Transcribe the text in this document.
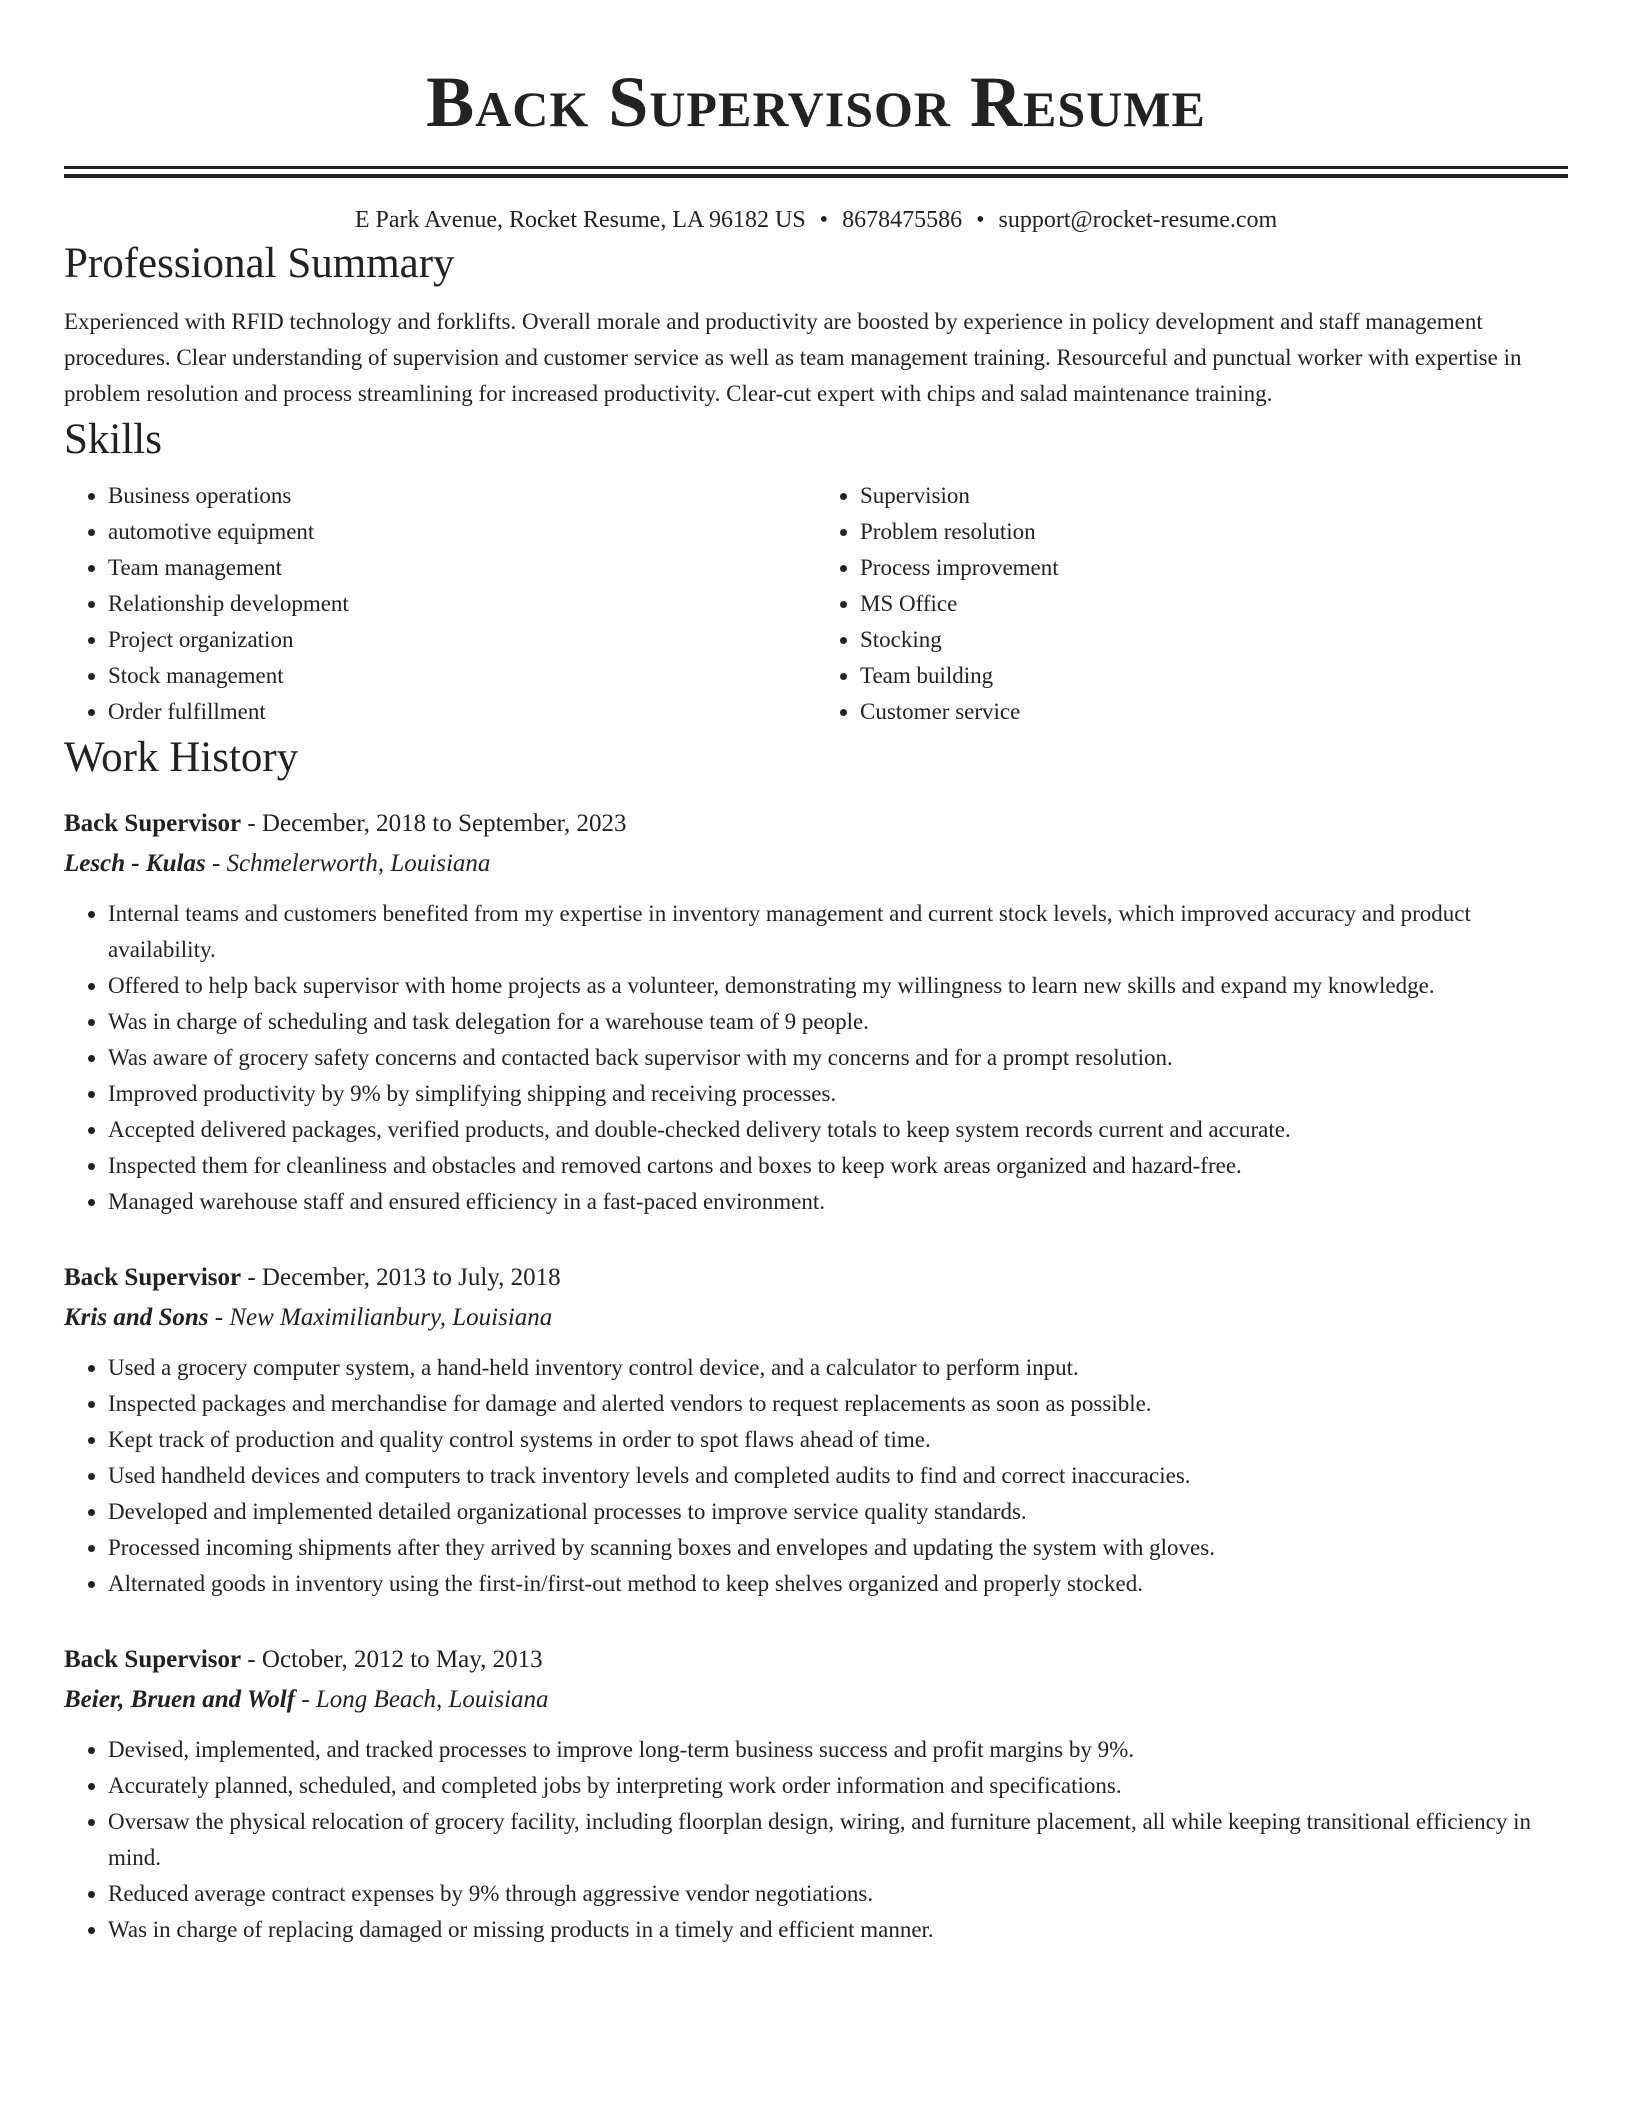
Back Supervisor Resume
E Park Avenue, Rocket Resume, LA 96182 US • 8678475586 • support@rocket-resume.com
Professional Summary

Experienced with RFID technology and forklifts. Overall morale and productivity are boosted by experience in policy development and staff management procedures. Clear understanding of supervision and customer service as well as team management training. Resourceful and punctual worker with expertise in problem resolution and process streamlining for increased productivity. Clear-cut expert with chips and salad maintenance training.

Skills
• Business operations
• automotive equipment
• Team management
• Relationship development
• Project organization
• Stock management
• Order fulfillment
• Supervision
• Problem resolution
• Process improvement
• MS Office
• Stocking
• Team building
• Customer service
Work History
Back Supervisor - December, 2018 to September, 2023
Lesch - Kulas - Schmelerworth, Louisiana
• Internal teams and customers benefited from my expertise in inventory management and current stock levels, which improved accuracy and product availability.
• Offered to help back supervisor with home projects as a volunteer, demonstrating my willingness to learn new skills and expand my knowledge.
• Was in charge of scheduling and task delegation for a warehouse team of 9 people.
• Was aware of grocery safety concerns and contacted back supervisor with my concerns and for a prompt resolution.
• Improved productivity by 9% by simplifying shipping and receiving processes.
• Accepted delivered packages, verified products, and double-checked delivery totals to keep system records current and accurate.
• Inspected them for cleanliness and obstacles and removed cartons and boxes to keep work areas organized and hazard-free.
• Managed warehouse staff and ensured efficiency in a fast-paced environment.
Back Supervisor - December, 2013 to July, 2018
Kris and Sons - New Maximilianbury, Louisiana
• Used a grocery computer system, a hand-held inventory control device, and a calculator to perform input.
• Inspected packages and merchandise for damage and alerted vendors to request replacements as soon as possible.
• Kept track of production and quality control systems in order to spot flaws ahead of time.
• Used handheld devices and computers to track inventory levels and completed audits to find and correct inaccuracies.
• Developed and implemented detailed organizational processes to improve service quality standards.
• Processed incoming shipments after they arrived by scanning boxes and envelopes and updating the system with gloves.
• Alternated goods in inventory using the first-in/first-out method to keep shelves organized and properly stocked.
Back Supervisor - October, 2012 to May, 2013
Beier, Bruen and Wolf - Long Beach, Louisiana
• Devised, implemented, and tracked processes to improve long-term business success and profit margins by 9%.
• Accurately planned, scheduled, and completed jobs by interpreting work order information and specifications.
• Oversaw the physical relocation of grocery facility, including floorplan design, wiring, and furniture placement, all while keeping transitional efficiency in mind.
• Reduced average contract expenses by 9% through aggressive vendor negotiations.
• Was in charge of replacing damaged or missing products in a timely and efficient manner.
